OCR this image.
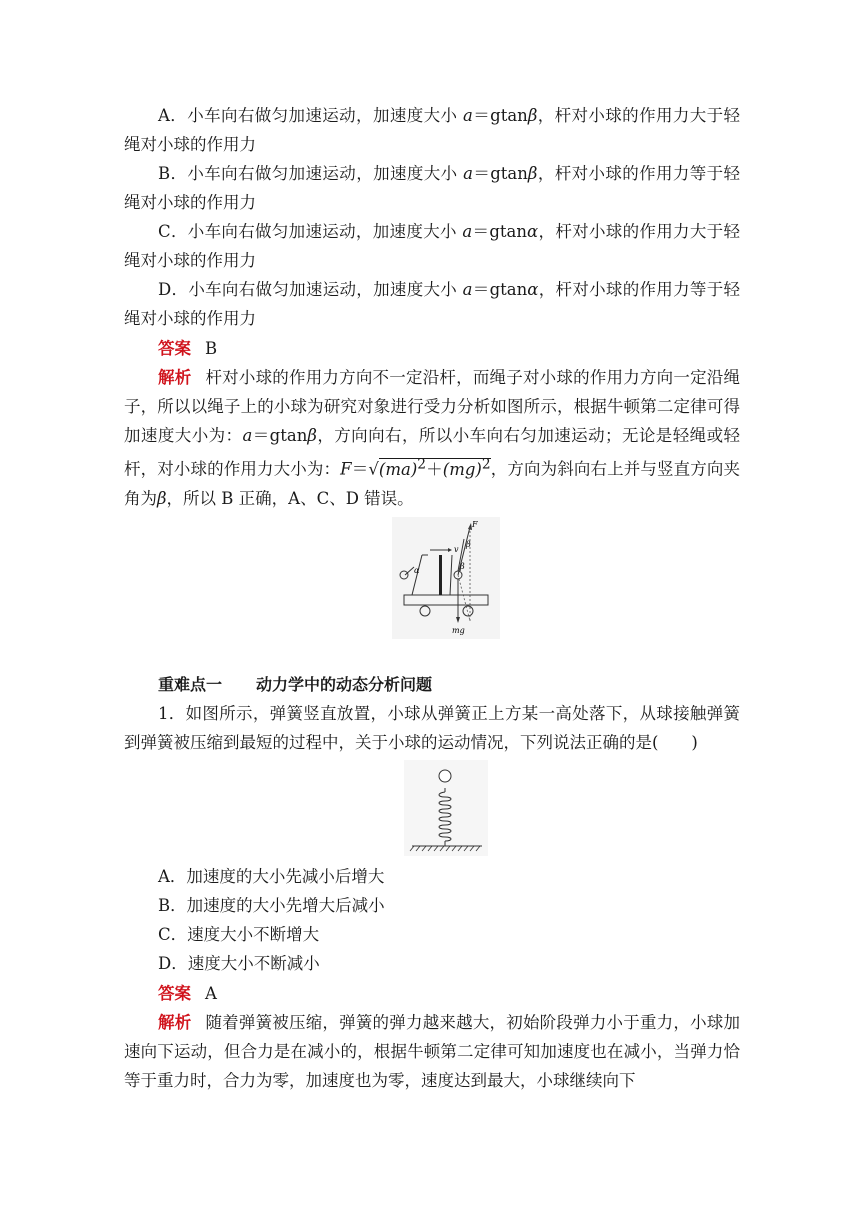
A．小车向右做匀加速运动，加速度大小 a＝gtanβ，杆对小球的作用力大于轻绳对小球的作用力

B．小车向右做匀加速运动，加速度大小 a＝gtanβ，杆对小球的作用力等于轻绳对小球的作用力

C．小车向右做匀加速运动，加速度大小 a＝gtanα，杆对小球的作用力大于轻绳对小球的作用力

D．小车向右做匀加速运动，加速度大小 a＝gtanα，杆对小球的作用力等于轻绳对小球的作用力

答案 B

解析 杆对小球的作用力方向不一定沿杆，而绳子对小球的作用力方向一定沿绳子，所以以绳子上的小球为研究对象进行受力分析如图所示，根据牛顿第二定律可得加速度大小为：a＝gtanβ，方向向右，所以小车向右匀加速运动；无论是轻绳或轻杆，对小球的作用力大小为：F＝√(ma)$^2$＋(mg)$^2$，方向为斜向右上并与竖直方向夹角为β，所以 B 正确，A、C、D 错误。

α
v
F
β
β
mg
重难点一 动力学中的动态分析问题

1．如图所示，弹簧竖直放置，小球从弹簧正上方某一高处落下，从球接触弹簧到弹簧被压缩到最短的过程中，关于小球的运动情况，下列说法正确的是(　　)

A．加速度的大小先减小后增大

B．加速度的大小先增大后减小

C．速度大小不断增大

D．速度大小不断减小

答案 A

解析 随着弹簧被压缩，弹簧的弹力越来越大，初始阶段弹力小于重力，小球加速向下运动，但合力是在减小的，根据牛顿第二定律可知加速度也在减小，当弹力恰等于重力时，合力为零，加速度也为零，速度达到最大，小球继续向下
